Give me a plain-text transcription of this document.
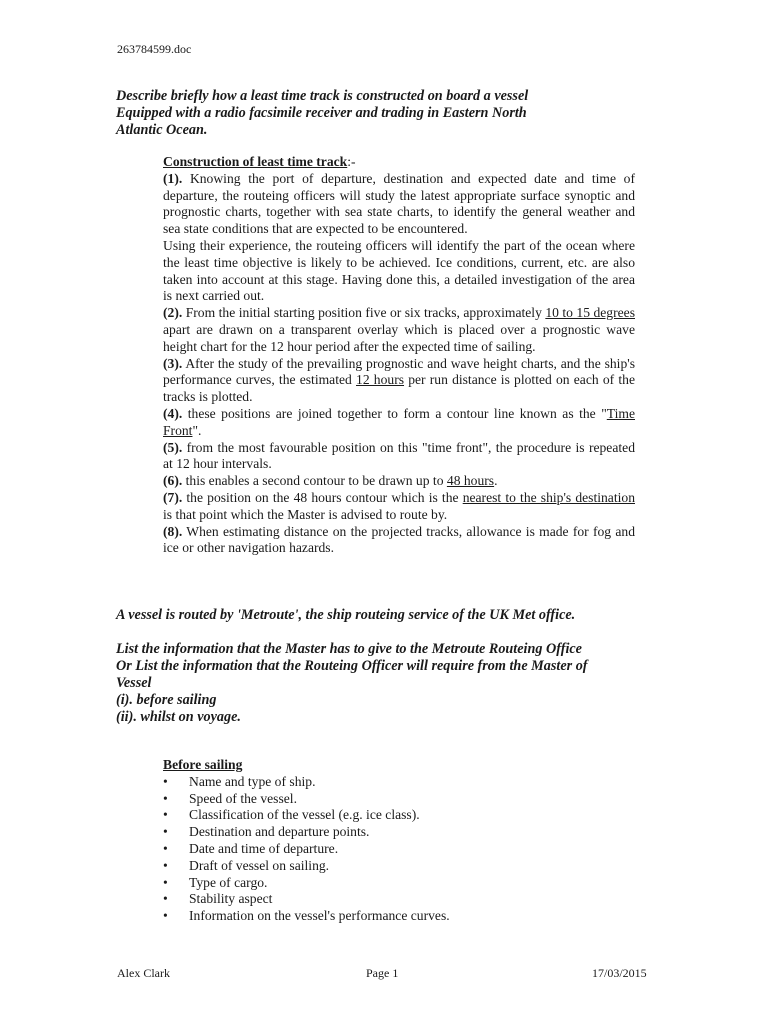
263784599.doc
Describe briefly how a least time track is constructed on board a vessel
Equipped with a radio facsimile receiver and trading in Eastern North
Atlantic Ocean.
Construction of least time track:-

(1). Knowing the port of departure, destination and expected date and time of departure, the routeing officers will study the latest appropriate surface synoptic and prognostic charts, together with sea state charts, to identify the general weather and sea state conditions that are expected to be encountered.

Using their experience, the routeing officers will identify the part of the ocean where the least time objective is likely to be achieved. Ice conditions, current, etc. are also taken into account at this stage. Having done this, a detailed investigation of the area is next carried out.

(2). From the initial starting position five or six tracks, approximately 10 to 15 degrees apart are drawn on a transparent overlay which is placed over a prognostic wave height chart for the 12 hour period after the expected time of sailing.

(3). After the study of the prevailing prognostic and wave height charts, and the ship's performance curves, the estimated 12 hours per run distance is plotted on each of the tracks is plotted.

(4). these positions are joined together to form a contour line known as the "Time Front".

(5). from the most favourable position on this "time front", the procedure is repeated at 12 hour intervals.

(6). this enables a second contour to be drawn up to 48 hours.

(7). the position on the 48 hours contour which is the nearest to the ship's destination is that point which the Master is advised to route by.

(8). When estimating distance on the projected tracks, allowance is made for fog and ice or other navigation hazards.

A vessel is routed by 'Metroute', the ship routeing service of the UK Met office.
List the information that the Master has to give to the Metroute Routeing Office
Or List the information that the Routeing Officer will require from the Master of
Vessel
(i). before sailing
(ii). whilst on voyage.
Before sailing
• Name and type of ship.
• Speed of the vessel.
• Classification of the vessel (e.g. ice class).
• Destination and departure points.
• Date and time of departure.
• Draft of vessel on sailing.
• Type of cargo.
• Stability aspect
• Information on the vessel's performance curves.
Alex Clark	Page 1	17/03/2015
